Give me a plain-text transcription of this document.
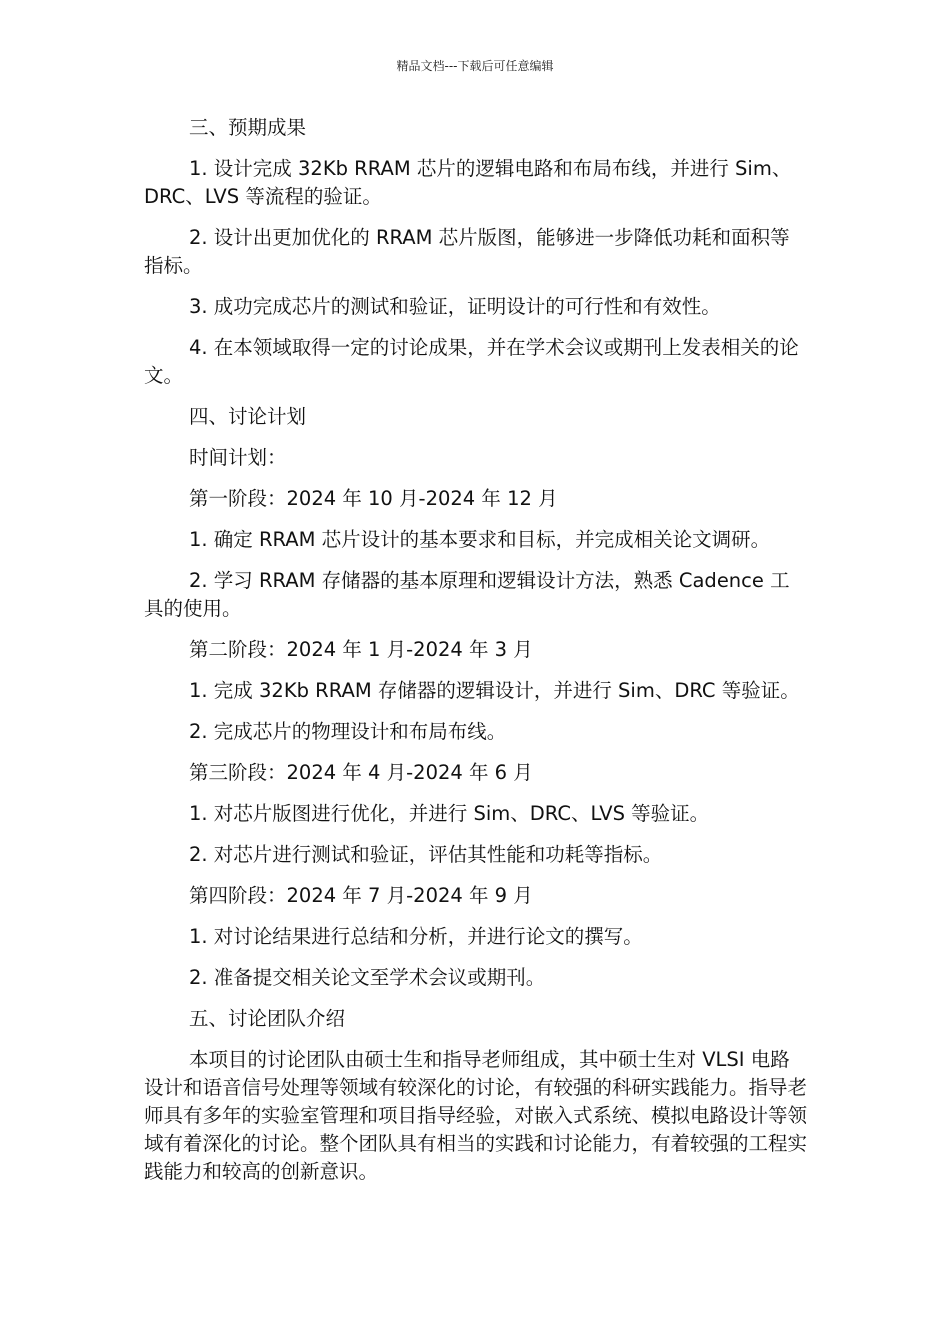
精品文档---下载后可任意编辑

三、预期成果

1. 设计完成 32Kb RRAM 芯片的逻辑电路和布局布线，并进行 Sim、DRC、LVS 等流程的验证。

2. 设计出更加优化的 RRAM 芯片版图，能够进一步降低功耗和面积等指标。

3. 成功完成芯片的测试和验证，证明设计的可行性和有效性。

4. 在本领域取得一定的讨论成果，并在学术会议或期刊上发表相关的论文。

四、讨论计划

时间计划：

第一阶段：2024 年 10 月-2024 年 12 月

1. 确定 RRAM 芯片设计的基本要求和目标，并完成相关论文调研。

2. 学习 RRAM 存储器的基本原理和逻辑设计方法，熟悉 Cadence 工具的使用。

第二阶段：2024 年 1 月-2024 年 3 月

1. 完成 32Kb RRAM 存储器的逻辑设计，并进行 Sim、DRC 等验证。

2. 完成芯片的物理设计和布局布线。

第三阶段：2024 年 4 月-2024 年 6 月

1. 对芯片版图进行优化，并进行 Sim、DRC、LVS 等验证。

2. 对芯片进行测试和验证，评估其性能和功耗等指标。

第四阶段：2024 年 7 月-2024 年 9 月

1. 对讨论结果进行总结和分析，并进行论文的撰写。

2. 准备提交相关论文至学术会议或期刊。

五、讨论团队介绍

本项目的讨论团队由硕士生和指导老师组成，其中硕士生对 VLSI 电路设计和语音信号处理等领域有较深化的讨论，有较强的科研实践能力。指导老师具有多年的实验室管理和项目指导经验，对嵌入式系统、模拟电路设计等领域有着深化的讨论。整个团队具有相当的实践和讨论能力，有着较强的工程实践能力和较高的创新意识。
